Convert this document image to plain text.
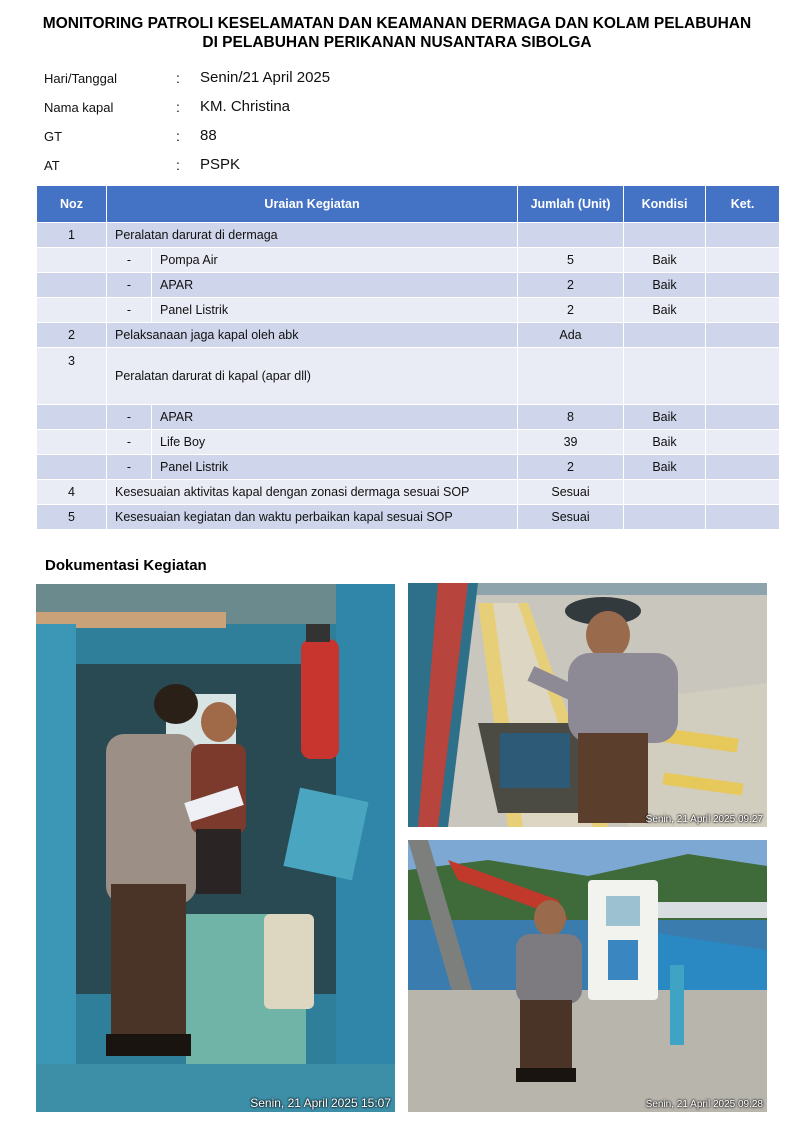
MONITORING PATROLI KESELAMATAN DAN KEAMANAN DERMAGA DAN KOLAM PELABUHAN
DI PELABUHAN PERIKANAN NUSANTARA SIBOLGA
Hari/Tanggal	: Senin/21 April 2025
Nama kapal	: KM. Christina
GT	: 88
AT	: PSPK
Noz	Uraian Kegiatan		Jumlah (Unit)	Kondisi	Ket.
1	Peralatan darurat di dermaga				
	-	Pompa Air	5	Baik	
	-	APAR	2	Baik	
	-	Panel Listrik	2	Baik	
2	Pelaksanaan jaga kapal oleh abk		Ada		
3	Peralatan darurat di kapal (apar dll)				
	-	APAR	8	Baik	
	-	Life Boy	39	Baik	
	-	Panel Listrik	2	Baik	
4	Kesesuaian aktivitas kapal dengan zonasi dermaga sesuai SOP		Sesuai		
5	Kesesuaian kegiatan dan waktu perbaikan kapal sesuai SOP		Sesuai		
Dokumentasi Kegiatan
Senin, 21 April 2025 15:07
Senin, 21 April 2025 09:27
Senin, 21 April 2025 09:28
